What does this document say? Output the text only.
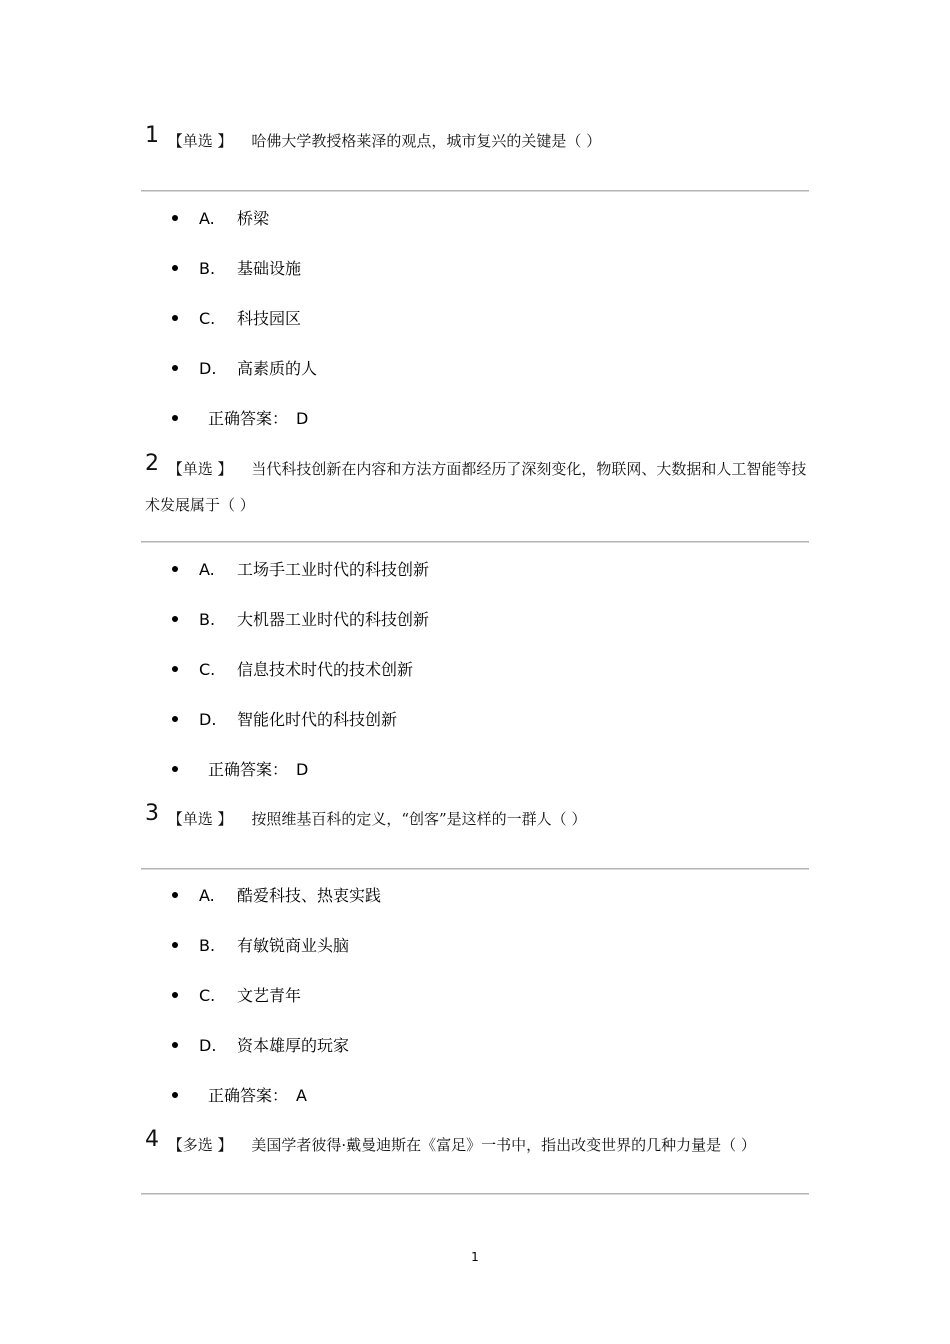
1 【单选 】 哈佛大学教授格莱泽的观点，城市复兴的关键是（ ）
A. 桥梁
B. 基础设施
C. 科技园区
D. 高素质的人
正确答案： D
2 【单选 】 当代科技创新在内容和方法方面都经历了深刻变化，物联网、大数据和人工智能等技术发展属于（ ）
A. 工场手工业时代的科技创新
B. 大机器工业时代的科技创新
C. 信息技术时代的技术创新
D. 智能化时代的科技创新
正确答案： D
3 【单选 】 按照维基百科的定义，“创客”是这样的一群人（ ）
A. 酷爱科技、热衷实践
B. 有敏锐商业头脑
C. 文艺青年
D. 资本雄厚的玩家
正确答案： A
4 【多选 】 美国学者彼得·戴曼迪斯在《富足》一书中，指出改变世界的几种力量是（ ）
1
